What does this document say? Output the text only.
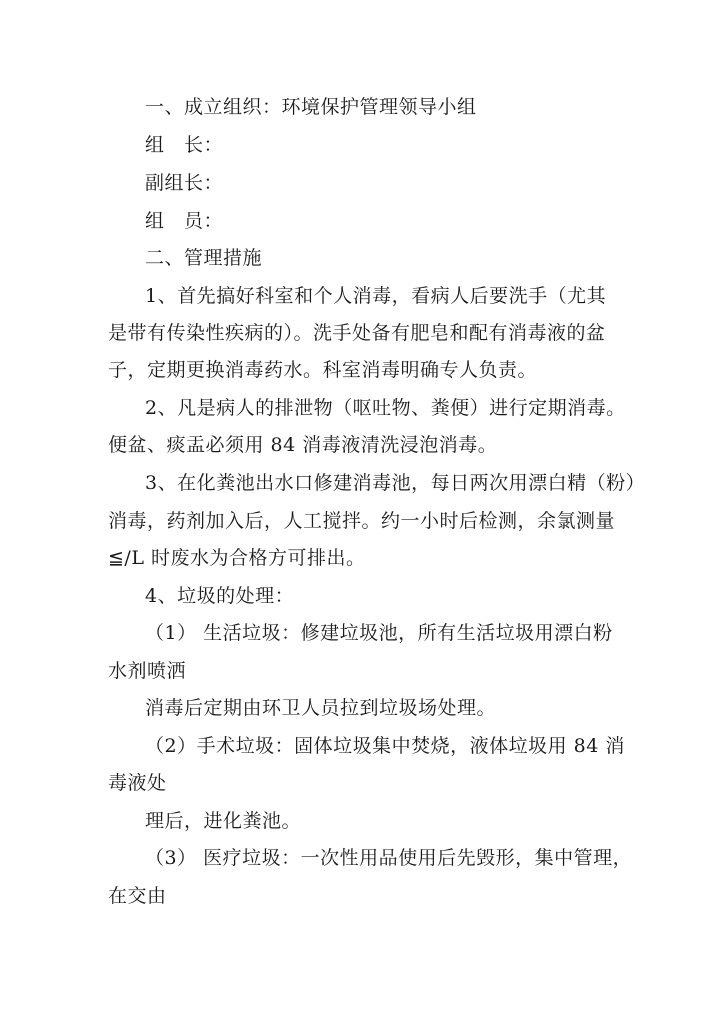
一、成立组织：环境保护管理领导小组
组　长：
副组长：
组　员：
二、管理措施
1、首先搞好科室和个人消毒，看病人后要洗手（尤其
是带有传染性疾病的）。洗手处备有肥皂和配有消毒液的盆
子，定期更换消毒药水。科室消毒明确专人负责。
2、凡是病人的排泄物（呕吐物、粪便）进行定期消毒。
便盆、痰盂必须用 84 消毒液清洗浸泡消毒。
3、在化粪池出水口修建消毒池，每日两次用漂白精（粉）
消毒，药剂加入后，人工搅拌。约一小时后检测，余氯测量
≦/L 时废水为合格方可排出。
4、垃圾的处理：
（1） 生活垃圾：修建垃圾池，所有生活垃圾用漂白粉
水剂喷洒
消毒后定期由环卫人员拉到垃圾场处理。
（2）手术垃圾：固体垃圾集中焚烧，液体垃圾用 84 消
毒液处
理后，进化粪池。
（3） 医疗垃圾：一次性用品使用后先毁形，集中管理，
在交由
